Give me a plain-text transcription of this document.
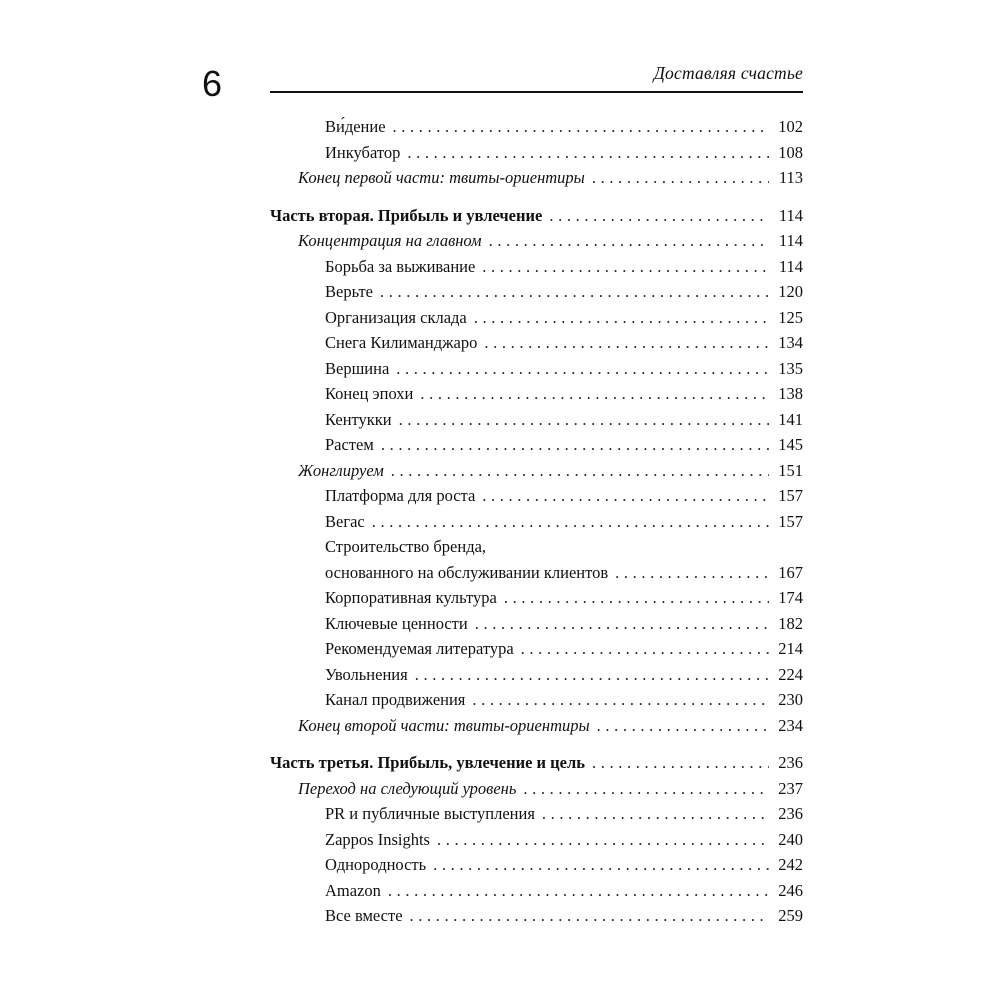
6	Доставляя счастье
Ви́дение . . .	102
Инкубатор . . .	108
Конец первой части: твиты-ориентиры . . .	113
Часть вторая. Прибыль и увлечение . . .	114
Концентрация на главном . . .	114
Борьба за выживание . . .	114
Верьте . . .	120
Организация склада . . .	125
Снега Килиманджаро . . .	134
Вершина . . .	135
Конец эпохи . . .	138
Кентукки . . .	141
Растем . . .	145
Жонглируем . . .	151
Платформа для роста . . .	157
Вегас . . .	157
Строительство бренда,
основанного на обслуживании клиентов . . .	167
Корпоративная культура . . .	174
Ключевые ценности . . .	182
Рекомендуемая литература . . .	214
Увольнения . . .	224
Канал продвижения . . .	230
Конец второй части: твиты-ориентиры . . .	234
Часть третья. Прибыль, увлечение и цель . . .	236
Переход на следующий уровень . . .	237
PR и публичные выступления . . .	236
Zappos Insights . . .	240
Однородность . . .	242
Amazon . . .	246
Все вместе . . .	259
